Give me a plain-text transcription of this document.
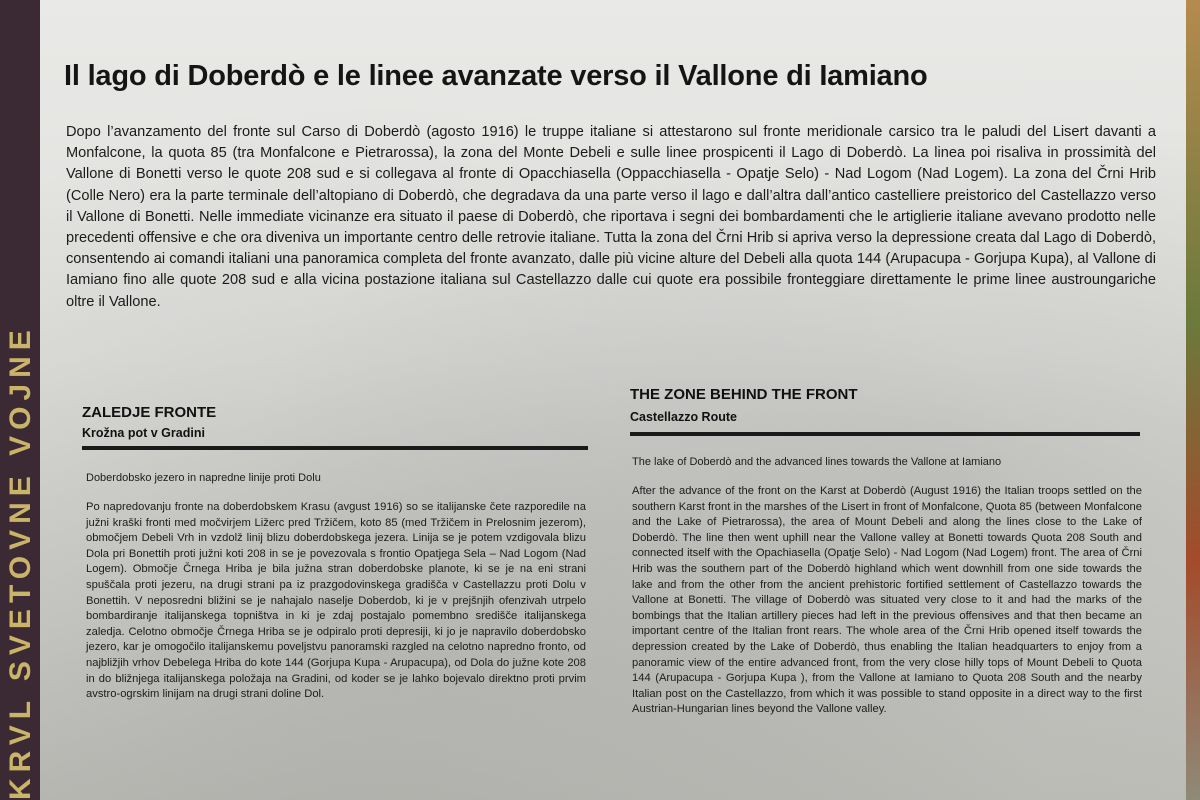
KRVL SVETOVNE VOJNE
Il lago di Doberdò e le linee avanzate verso il Vallone di Iamiano

Dopo l’avanzamento del fronte sul Carso di Doberdò (agosto 1916) le truppe italiane si attestarono sul fronte meridionale carsico tra le paludi del Lisert davanti a Monfalcone, la quota 85 (tra Monfalcone e Pietrarossa), la zona del Monte Debeli e sulle linee prospicenti il Lago di Doberdò. La linea poi risaliva in prossimità del Vallone di Bonetti verso le quote 208 sud e si collegava al fronte di Opacchiasella (Oppacchiasella - Opatje Selo) - Nad Logom (Nad Logem). La zona del Črni Hrib (Colle Nero) era la parte terminale dell’altopiano di Doberdò, che degradava da una parte verso il lago e dall’altra dall’antico castelliere preistorico del Castellazzo verso il Vallone di Bonetti. Nelle immediate vicinanze era situato il paese di Doberdò, che riportava i segni dei bombardamenti che le artiglierie italiane avevano prodotto nelle precedenti offensive e che ora diveniva un importante centro delle retrovie italiane. Tutta la zona del Črni Hrib si apriva verso la depressione creata dal Lago di Doberdò, consentendo ai comandi italiani una panoramica completa del fronte avanzato, dalle più vicine alture del Debeli alla quota 144 (Arupacupa - Gorjupa Kupa), al Vallone di Iamiano fino alle quote 208 sud e alla vicina postazione italiana sul Castellazzo dalle cui quote era possibile fronteggiare direttamente le prime linee austroungariche oltre il Vallone.

ZALEDJE FRONTE
Krožna pot v Gradini
Doberdobsko jezero in napredne linije proti Dolu

Po napredovanju fronte na doberdobskem Krasu (avgust 1916) so se italijanske čete razporedile na južni kraški fronti med močvirjem Ližerc pred Tržičem, koto 85 (med Tržičem in Prelosnim jezerom), območjem Debeli Vrh in vzdolž linij blizu doberdobskega jezera. Linija se je potem vzdigovala blizu Dola pri Bonettih proti južni koti 208 in se je povezovala s frontio Opatjega Sela – Nad Logom (Nad Logem). Območje Črnega Hriba je bila južna stran doberdobske planote, ki se je na eni strani spuščala proti jezeru, na drugi strani pa iz prazgodovinskega gradišča v Castellazzu proti Dolu v Bonettih. V neposredni bližini se je nahajalo naselje Doberdob, ki je v prejšnjih ofenzivah utrpelo bombardiranje italijanskega topništva in ki je zdaj postajalo pomembno središče italijanskega zaledja. Celotno območje Črnega Hriba se je odpiralo proti depresiji, ki jo je napravilo doberdobsko jezero, kar je omogočilo italijanskemu poveljstvu panoramski razgled na celotno napredno fronto, od najbližjih vrhov Debelega Hriba do kote 144 (Gorjupa Kupa - Arupacupa), od Dola do južne kote 208 in do bližnjega italijanskega položaja na Gradini, od koder se je lahko bojevalo direktno proti prvim avstro-ogrskim linijam na drugi strani doline Dol.

THE ZONE BEHIND THE FRONT
Castellazzo Route
The lake of Doberdò and the advanced lines towards the Vallone at Iamiano

After the advance of the front on the Karst at Doberdò (August 1916) the Italian troops settled on the southern Karst front in the marshes of the Lisert in front of Monfalcone, Quota 85 (between Monfalcone and the Lake of Pietrarossa), the area of Mount Debeli and along the lines close to the Lake of Doberdò. The line then went uphill near the Vallone valley at Bonetti towards Quota 208 South and connected itself with the Opachiasella (Opatje Selo) - Nad Logom (Nad Logem) front. The area of Črni Hrib was the southern part of the Doberdò highland which went downhill from one side towards the lake and from the other from the ancient prehistoric fortified settlement of Castellazzo towards the Vallone at Bonetti. The village of Doberdò was situated very close to it and had the marks of the bombings that the Italian artillery pieces had left in the previous offensives and that then became an important centre of the Italian front rears. The whole area of the Črni Hrib opened itself towards the depression created by the Lake of Doberdò, thus enabling the Italian headquarters to enjoy from a panoramic view of the entire advanced front, from the very close hilly tops of Mount Debeli to Quota 144 (Arupacupa - Gorjupa Kupa ), from the Vallone at Iamiano to Quota 208 South and the nearby Italian post on the Castellazzo, from which it was possible to stand opposite in a direct way to the first Austrian-Hungarian lines beyond the Vallone valley.
